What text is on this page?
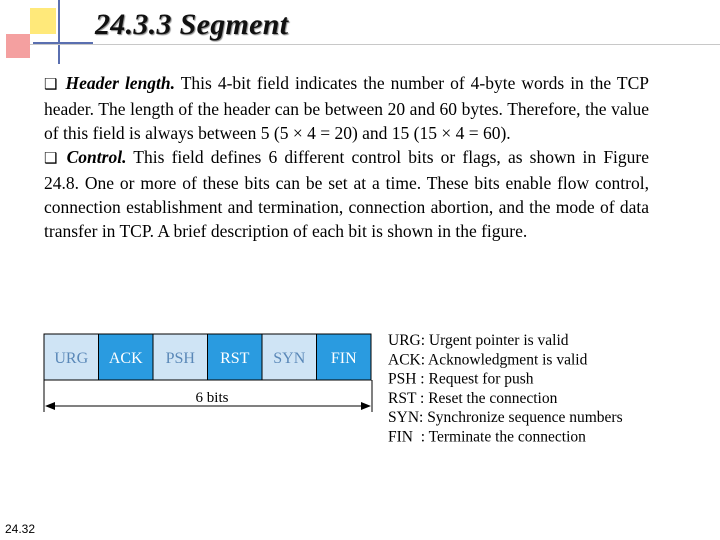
24.3.3 Segment

❑ Header length. This 4-bit field indicates the number of 4-byte words in the TCP header. The length of the header can be between 20 and 60 bytes. Therefore, the value of this field is always between 5 (5 × 4 = 20) and 15 (15 × 4 = 60).

❑ Control. This field defines 6 different control bits or flags, as shown in Figure 24.8. One or more of these bits can be set at a time. These bits enable flow control, connection establishment and termination, connection abortion, and the mode of data transfer in TCP. A brief description of each bit is shown in the figure.

URG ACK PSH RST SYN FIN
6 bits
URG: Urgent pointer is valid
ACK: Acknowledgment is valid
PSH : Request for push
RST : Reset the connection
SYN: Synchronize sequence numbers
FIN  : Terminate the connection
24.32
